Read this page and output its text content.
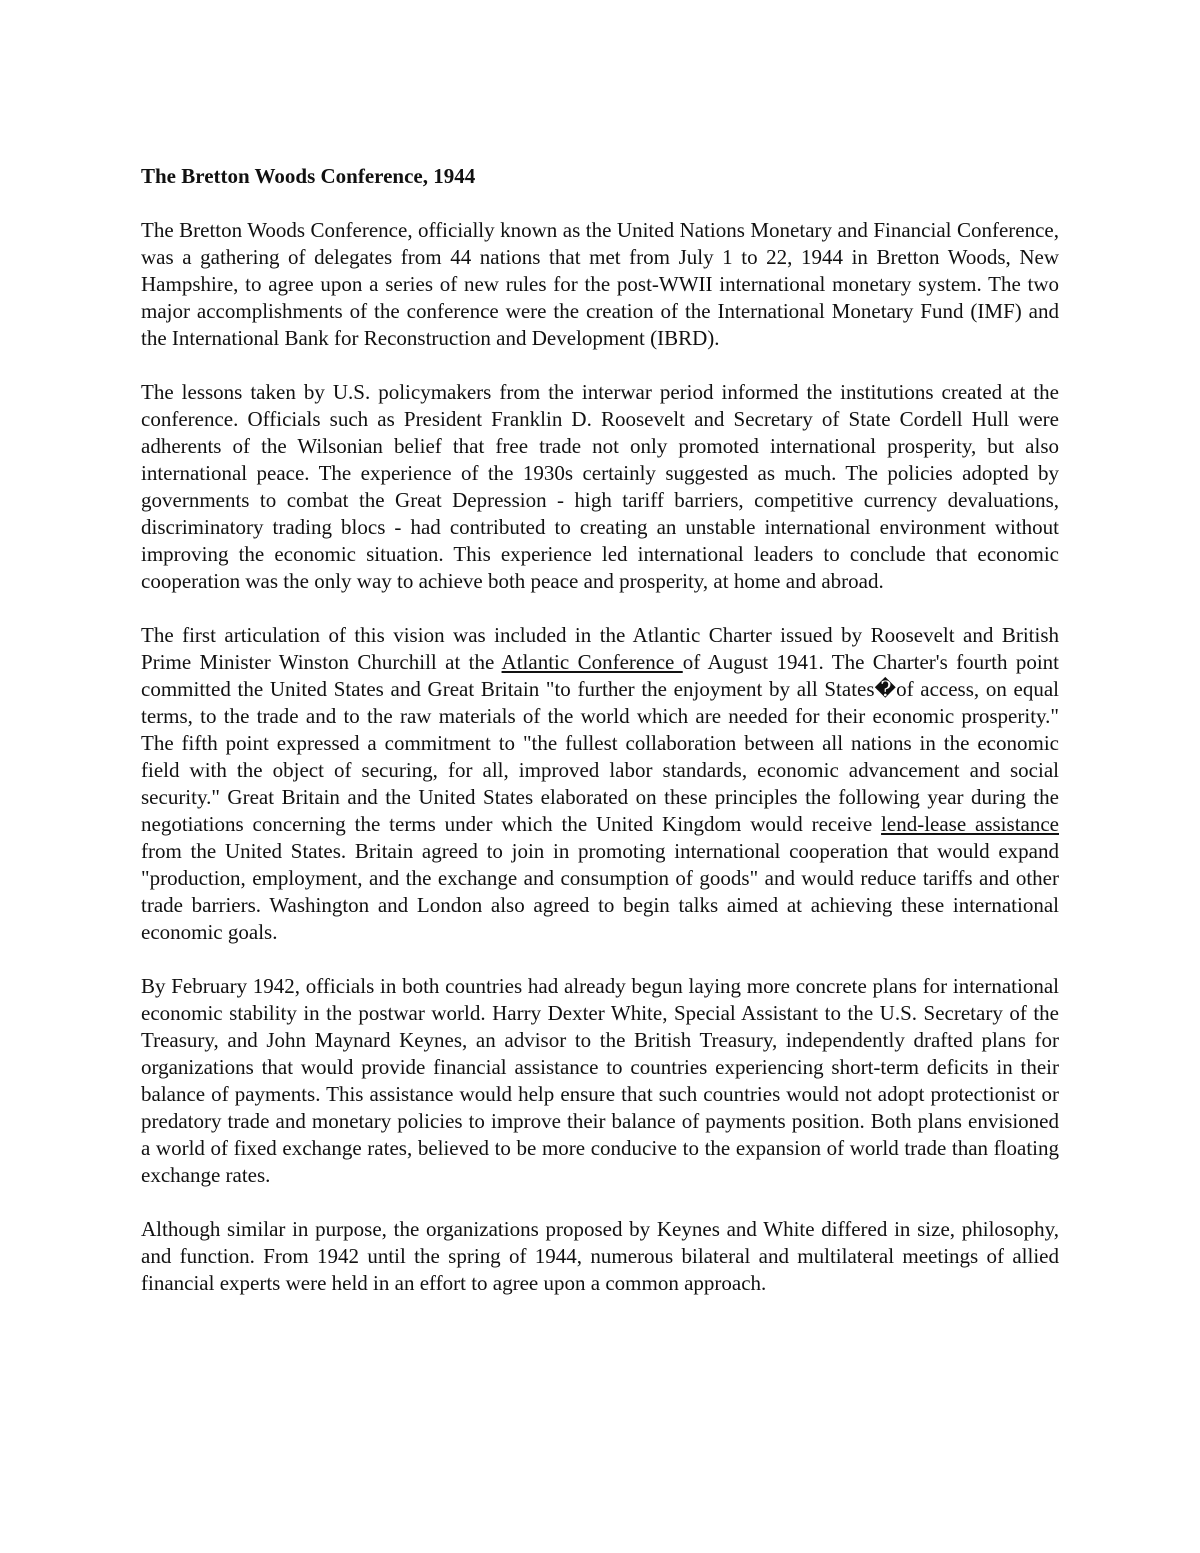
The Bretton Woods Conference, 1944

The Bretton Woods Conference, officially known as the United Nations Monetary and Financial Conference, was a gathering of delegates from 44 nations that met from July 1 to 22, 1944 in Bretton Woods, New Hampshire, to agree upon a series of new rules for the post-WWII international monetary system. The two major accomplishments of the conference were the creation of the International Monetary Fund (IMF) and the International Bank for Reconstruction and Development (IBRD).

The lessons taken by U.S. policymakers from the interwar period informed the institutions created at the conference. Officials such as President Franklin D. Roosevelt and Secretary of State Cordell Hull were adherents of the Wilsonian belief that free trade not only promoted international prosperity, but also international peace. The experience of the 1930s certainly suggested as much. The policies adopted by governments to combat the Great Depression - high tariff barriers, competitive currency devaluations, discriminatory trading blocs - had contributed to creating an unstable international environment without improving the economic situation. This experience led international leaders to conclude that economic cooperation was the only way to achieve both peace and prosperity, at home and abroad.

The first articulation of this vision was included in the Atlantic Charter issued by Roosevelt and British Prime Minister Winston Churchill at the Atlantic Conference of August 1941. The Charter's fourth point committed the United States and Great Britain "to further the enjoyment by all States�of access, on equal terms, to the trade and to the raw materials of the world which are needed for their economic prosperity." The fifth point expressed a commitment to "the fullest collaboration between all nations in the economic field with the object of securing, for all, improved labor standards, economic advancement and social security." Great Britain and the United States elaborated on these principles the following year during the negotiations concerning the terms under which the United Kingdom would receive lend-lease assistance from the United States. Britain agreed to join in promoting international cooperation that would expand "production, employment, and the exchange and consumption of goods" and would reduce tariffs and other trade barriers. Washington and London also agreed to begin talks aimed at achieving these international economic goals.

By February 1942, officials in both countries had already begun laying more concrete plans for international economic stability in the postwar world. Harry Dexter White, Special Assistant to the U.S. Secretary of the Treasury, and John Maynard Keynes, an advisor to the British Treasury, independently drafted plans for organizations that would provide financial assistance to countries experiencing short-term deficits in their balance of payments. This assistance would help ensure that such countries would not adopt protectionist or predatory trade and monetary policies to improve their balance of payments position. Both plans envisioned a world of fixed exchange rates, believed to be more conducive to the expansion of world trade than floating exchange rates.

Although similar in purpose, the organizations proposed by Keynes and White differed in size, philosophy, and function. From 1942 until the spring of 1944, numerous bilateral and multilateral meetings of allied financial experts were held in an effort to agree upon a common approach.
